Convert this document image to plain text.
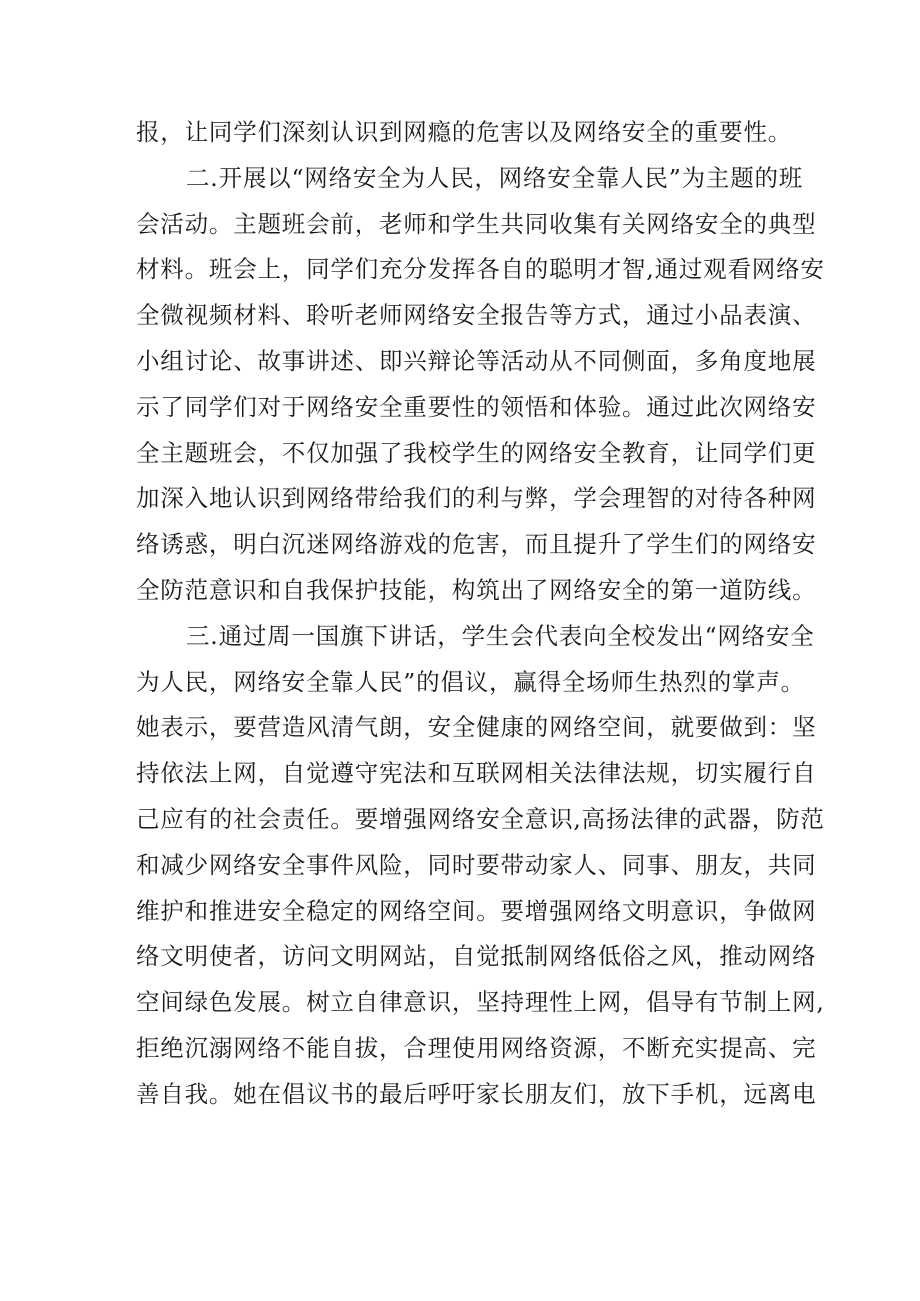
报，让同学们深刻认识到网瘾的危害以及网络安全的重要性。
二.开展以“网络安全为人民，网络安全靠人民”为主题的班
会活动。主题班会前，老师和学生共同收集有关网络安全的典型
材料。班会上，同学们充分发挥各自的聪明才智,通过观看网络安
全微视频材料、聆听老师网络安全报告等方式，通过小品表演、
小组讨论、故事讲述、即兴辩论等活动从不同侧面，多角度地展
示了同学们对于网络安全重要性的领悟和体验。通过此次网络安
全主题班会，不仅加强了我校学生的网络安全教育，让同学们更
加深入地认识到网络带给我们的利与弊，学会理智的对待各种网
络诱惑，明白沉迷网络游戏的危害，而且提升了学生们的网络安
全防范意识和自我保护技能，构筑出了网络安全的第一道防线。
三.通过周一国旗下讲话，学生会代表向全校发出“网络安全
为人民，网络安全靠人民”的倡议，赢得全场师生热烈的掌声。
她表示，要营造风清气朗，安全健康的网络空间，就要做到：坚
持依法上网，自觉遵守宪法和互联网相关法律法规，切实履行自
己应有的社会责任。要增强网络安全意识,高扬法律的武器，防范
和减少网络安全事件风险，同时要带动家人、同事、朋友，共同
维护和推进安全稳定的网络空间。要增强网络文明意识，争做网
络文明使者，访问文明网站，自觉抵制网络低俗之风，推动网络
空间绿色发展。树立自律意识，坚持理性上网，倡导有节制上网,
拒绝沉溺网络不能自拔，合理使用网络资源，不断充实提高、完
善自我。她在倡议书的最后呼吁家长朋友们，放下手机，远离电
